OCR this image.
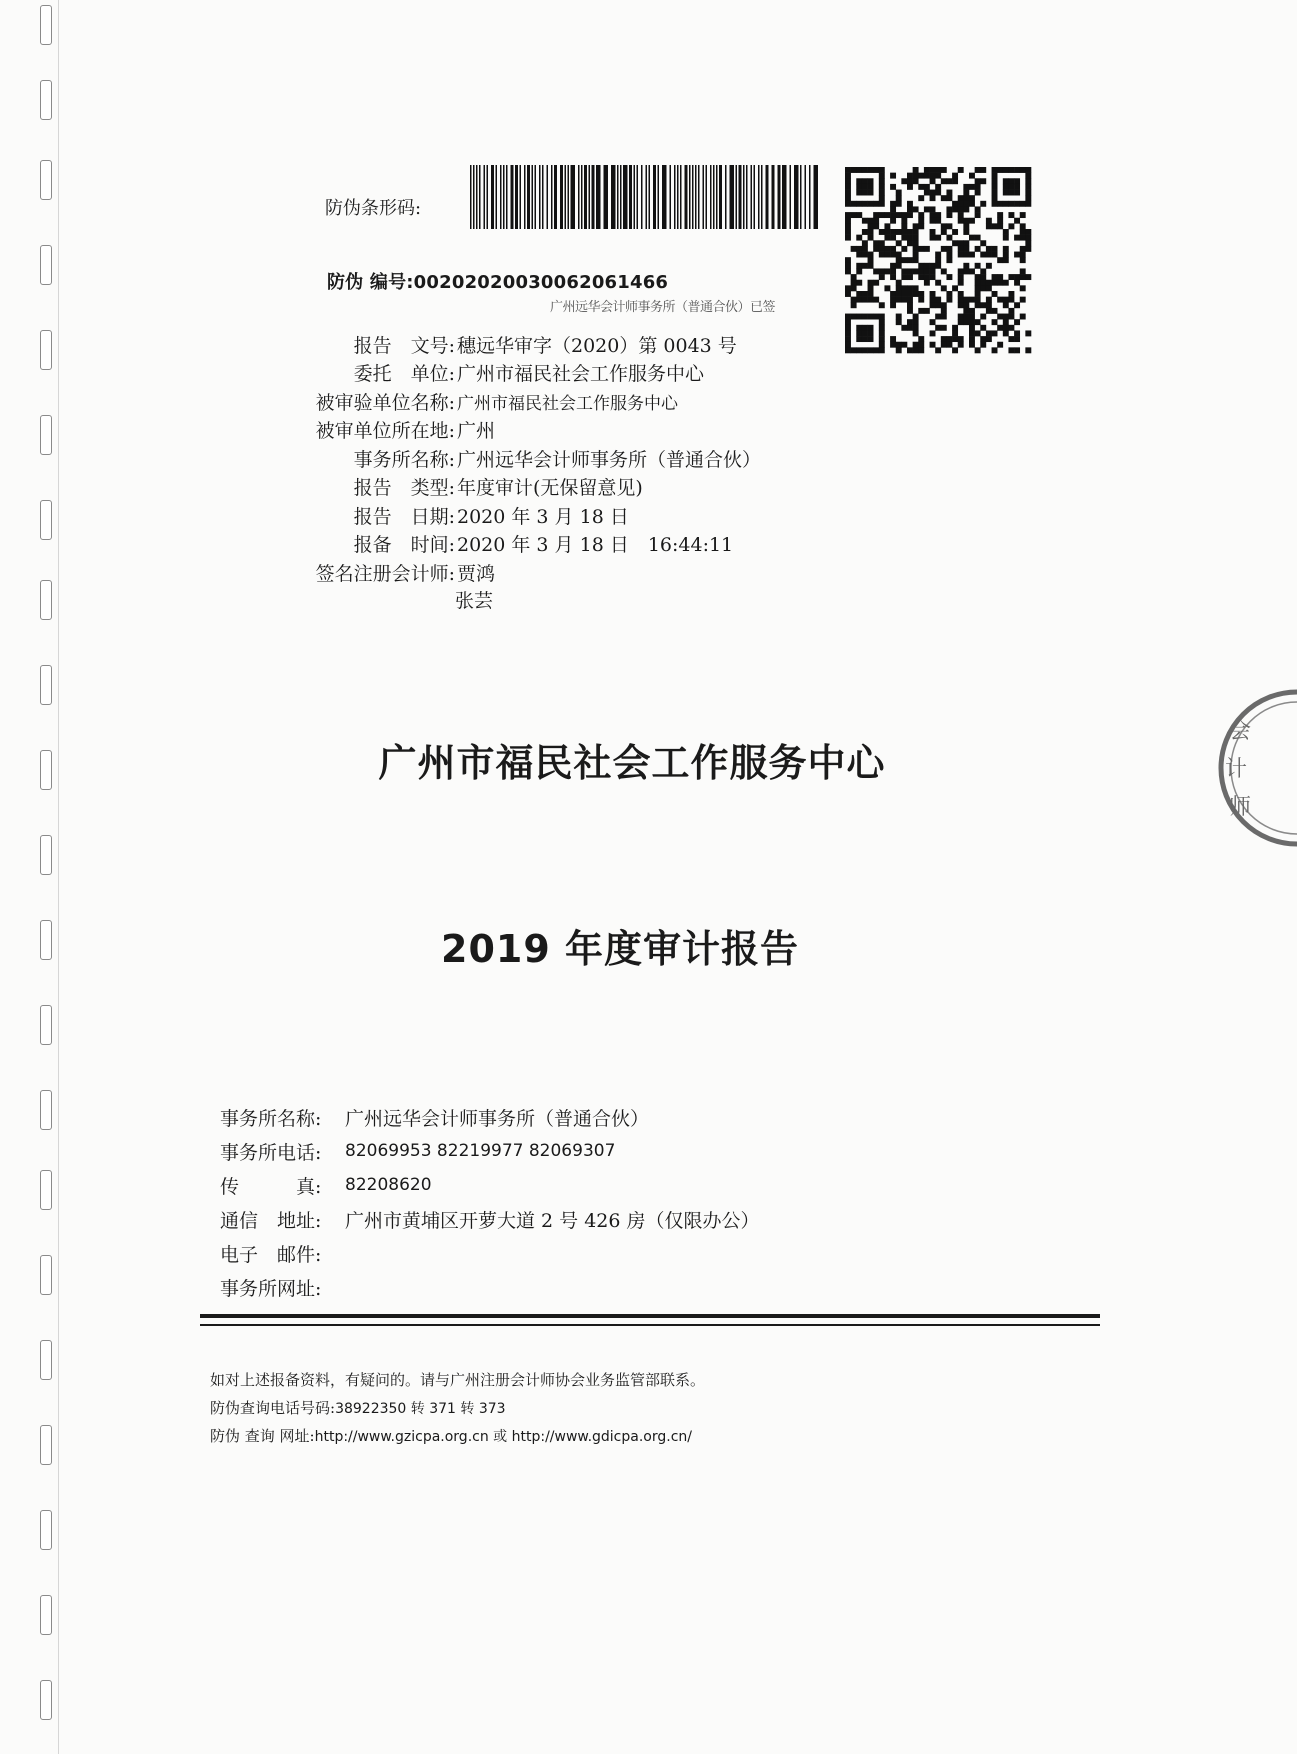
防伪条形码:
防伪 编号:00202020030062061466
广州远华会计师事务所（普通合伙）已签
报告　文号: 穗远华审字（2020）第 0043 号
委托　单位: 广州市福民社会工作服务中心
被审验单位名称: 广州市福民社会工作服务中心
被审单位所在地: 广州
事务所名称: 广州远华会计师事务所（普通合伙）
报告　类型: 年度审计(无保留意见)
报告　日期: 2020 年 3 月 18 日
报备　时间: 2020 年 3 月 18 日　16:44:11
签名注册会计师: 贾鸿
张芸
广州市福民社会工作服务中心
2019 年度审计报告
事务所名称:	广州远华会计师事务所（普通合伙）
事务所电话:	82069953 82219977 82069307
传　　　真:	82208620
通信　地址:	广州市黄埔区开萝大道 2 号 426 房（仅限办公）
电子　邮件:
事务所网址:
如对上述报备资料，有疑问的。请与广州注册会计师协会业务监管部联系。
防伪查询电话号码:38922350 转 371 转 373
防伪 查询 网址:http://www.gzicpa.org.cn 或 http://www.gdicpa.org.cn/
会
计
师
